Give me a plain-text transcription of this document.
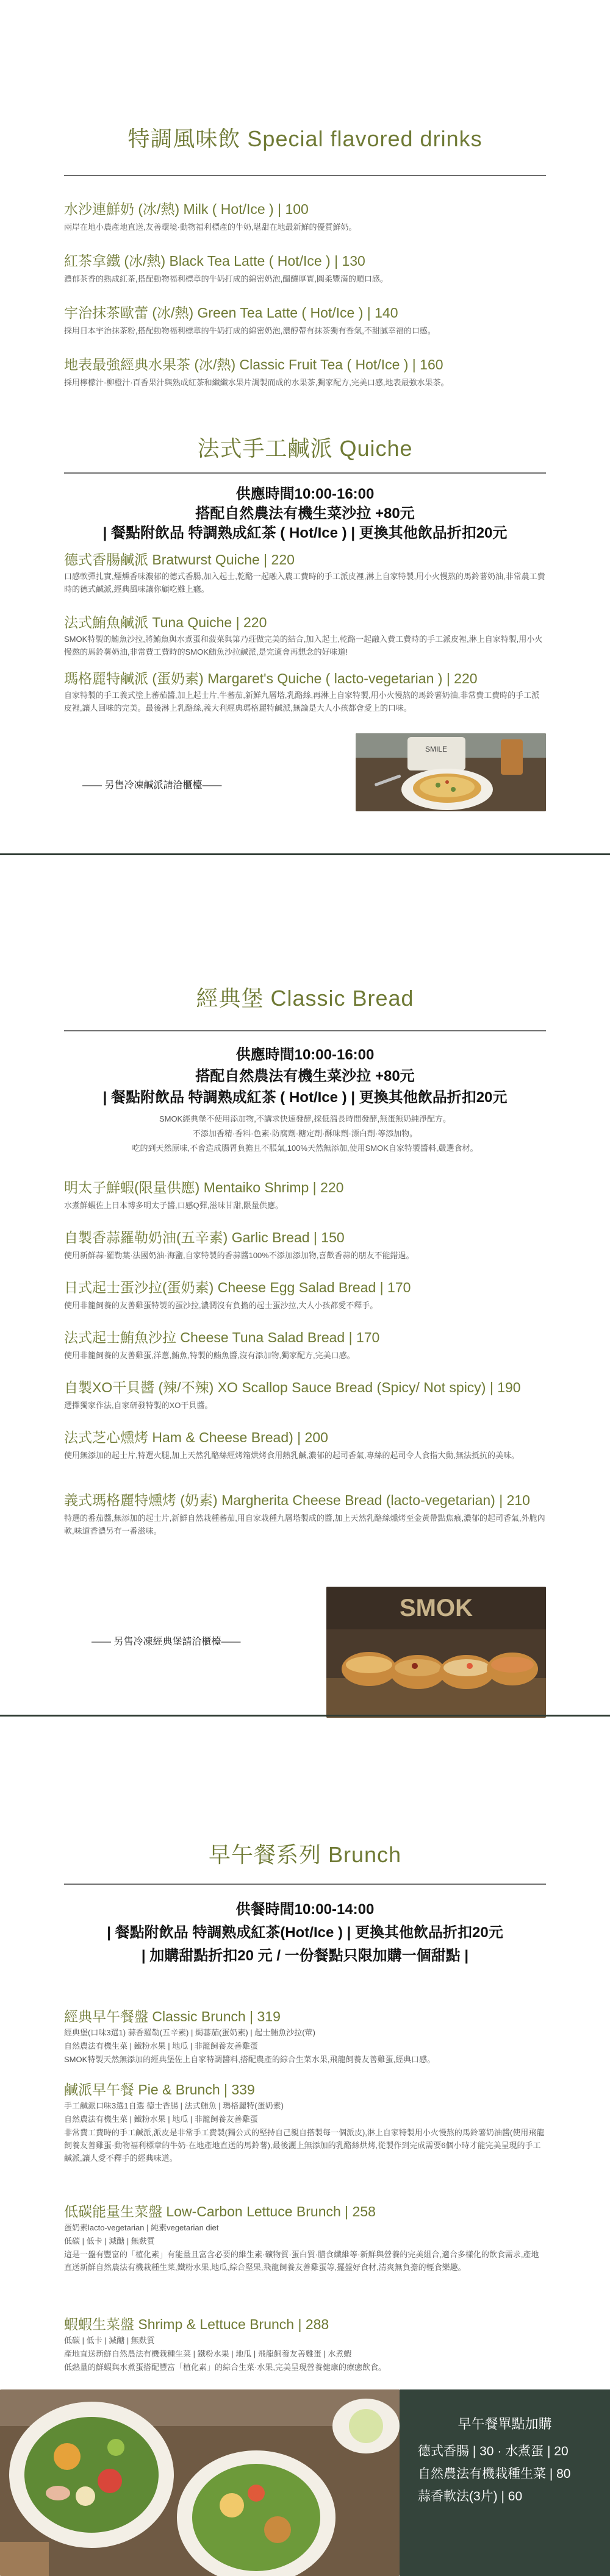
特調風味飲 Special flavored drinks
水沙連鮮奶 (冰/熱) Milk ( Hot/Ice ) | 100
兩岸在地小農產地直送,友善環境·動物福利標產的牛奶,堪甜在地最新鮮的優質鮮奶。
紅茶拿鐵 (冰/熱) Black Tea Latte ( Hot/Ice ) | 130
濃郁茶香的熟成紅茶,搭配動物福利標章的牛奶打成的綿密奶泡,醞釀厚實,圓柔豐滿的順口感。
宇治抹茶歐蕾 (冰/熱) Green Tea Latte ( Hot/Ice ) | 140
採用日本宇治抹茶粉,搭配動物福利標章的牛奶打成的綿密奶泡,濃醇帶有抹茶獨有香氣,不甜膩幸福的口感。
地表最強經典水果茶 (冰/熱) Classic Fruit Tea ( Hot/Ice ) | 160
採用檸檬汁·柳橙汁·百香果汁與熟成紅茶和纖纖水果片調製而成的水果茶,獨家配方,完美口感,地表最強水果茶。
法式手工鹹派 Quiche
供應時間10:00-16:00
搭配自然農法有機生菜沙拉 +80元
| 餐點附飲品 特調熟成紅茶 ( Hot/Ice ) | 更換其他飲品折扣20元
德式香腸鹹派 Bratwurst Quiche | 220
口感軟彈扎實,煙燻香味濃郁的德式香腸,加入起士,乾酪一起融入農工費時的手工派皮裡,淋上自家特製,用小火慢熬的馬鈴薯奶油,非常農工費時的德式鹹派,經典風味讓你顧吃難上癮。
法式鮪魚鹹派 Tuna Quiche | 220
SMOK特製的鮪魚沙拉,將鮪魚與水煮蛋和菠菜與第乃莊做完美的結合,加入起士,乾酪一起融入費工費時的手工派皮裡,淋上自家特製,用小火慢熬的馬鈴薯奶油,非常費工費時的SMOK鮪魚沙拉鹹派,是完適會再想念的好味道!
瑪格麗特鹹派 (蛋奶素) Margaret's Quiche ( lacto-vegetarian ) | 220
自家特製的手工義式塗上蕃茄醬,加上起士片,牛蕃茄,新鮮九層塔,乳酪絲,再淋上自家特製,用小火慢熬的馬鈴薯奶油,非常費工費時的手工派皮裡,讓人回味的完美。最後淋上乳酪絲,義大利經典瑪格麗特鹹派,無論是大人小孩都會愛上的口味。
—— 另售冷凍鹹派請洽櫃檯——
SMILE
經典堡 Classic Bread
供應時間10:00-16:00
搭配自然農法有機生菜沙拉 +80元
| 餐點附飲品 特調熟成紅茶 ( Hot/Ice ) | 更換其他飲品折扣20元
SMOK經典堡不使用添加物,不講求快速發酵,採低溫長時間發酵,無蛋無奶純淨配方。
不添加香精·香料·色素·防腐劑·糖定劑·酥味劑·漂白劑·等添加物。
吃的到天然原味,不會造成腸胃負擔且不脹氣,100%天然無添加,使用SMOK自家特製醬料,嚴選食材。
明太子鮮蝦(限量供應) Mentaiko Shrimp | 220
水煮鮮蝦佐上日本博多明太子醬,口感Q彈,滋味甘甜,限量供應。
自製香蒜羅勒奶油(五辛素) Garlic Bread | 150
使用新鮮蒜·羅勒葉·法國奶油·海鹽,自家特製的香蒜醬100%不添加添加物,喜歡香蒜的朋友不能錯過。
日式起士蛋沙拉(蛋奶素) Cheese Egg Salad Bread | 170
使用非籠飼養的友善雞蛋特製的蛋沙拉,濃潤沒有負擔的起士蛋沙拉,大人小孩都愛不釋手。
法式起士鮪魚沙拉 Cheese Tuna Salad Bread | 170
使用非籠飼養的友善雞蛋,洋蔥,鮪魚,特製的鮪魚醬,沒有添加物,獨家配方,完美口感。
自製XO干貝醬 (辣/不辣) XO Scallop Sauce Bread (Spicy/ Not spicy) | 190
選擇獨家作法,自家研發特製的XO干貝醬。
法式芝心燻烤 Ham & Cheese Bread) | 200
使用無添加的起士片,特選火腿,加上天然乳酪絲經烤箱烘烤食用熱乳鹹,濃郁的起司香氣,專絲的起司令人食指大動,無法抵抗的美味。
義式瑪格麗特燻烤 (奶素) Margherita Cheese Bread (lacto-vegetarian) | 210
特選的番茄醬,無添加的起士片,新鮮自然栽種蕃茄,用自家栽種九層塔製成的醬,加上天然乳酪絲燻烤至金黃帶點焦痕,濃郁的起司香氣,外脆內軟,味道香濃另有一番滋味。
—— 另售冷凍經典堡請洽櫃檯——
SMOK
早午餐系列 Brunch
供餐時間10:00-14:00
| 餐點附飲品 特調熟成紅茶(Hot/Ice ) | 更換其他飲品折扣20元
| 加購甜點折扣20 元 / 一份餐點只限加購一個甜點 |
經典早午餐盤 Classic Brunch | 319
經典堡(口味3選1) 蒜香羅勒(五辛素) | 焗蕃茄(蛋奶素) | 起士鮪魚沙拉(葷)
自然農法有機生菜 | 鐵粉水果 | 地瓜 | 非籠飼養友善雞蛋
SMOK特製天然無添加的經典堡佐上自家特調醬料,搭配農產的綜合生菜水果,飛龍飼養友善雞蛋,經典口感。
鹹派早午餐 Pie & Brunch | 339
手工鹹派口味3選1自選 德士香腸 | 法式鮪魚 | 瑪格麗特(蛋奶素)
自然農法有機生菜 | 鐵粉水果 | 地瓜 | 非籠飼養友善雞蛋
非常費工費時的手工鹹派,派皮是非常手工費製(獨公式的堅持自己親自搭製每一個派皮),淋上自家特製用小火慢熬的馬鈴薯奶油醬(使用飛龍飼養友善雞蛋·動物福利標章的牛奶·在地產地直送的馬鈴薯),最後灑上無添加的乳酪絲烘烤,從製作到完成需要6個小時才能完美呈現的手工鹹派,讓人愛不釋手的經典味道。
低碳能量生菜盤 Low-Carbon Lettuce Brunch | 258
蛋奶素lacto-vegetarian | 純素vegetarian diet
低碳 | 低卡 | 減醣 | 無麩質
這是一盤有豐富的「植化素」有能量且富含必要的維生素·礦物質·蛋白質·膳食纖維等·新鮮與營養的完美組合,適合多樣化的飲食需求,產地直送新鮮自然農法有機栽種生菜,鐵粉水果,地瓜,綜合堅果,飛龍飼養友善雞蛋等,擺盤好食材,清爽無負擔的輕食樂趣。
蝦蝦生菜盤 Shrimp & Lettuce Brunch | 288
低碳 | 低卡 | 減醣 | 無麩質
產地直送新鮮自然農法有機栽種生菜 | 鐵粉水果 | 地瓜 | 飛龍飼養友善雞蛋 | 水煮蝦
低熱量的鮮蝦與水煮蛋搭配豐富「植化素」的綜合生菜·水果,完美呈現營養健康的療癒飲食。
早午餐單點加購
德式香腸 | 30 · 水煮蛋 | 20
自然農法有機栽種生菜 | 80
蒜香軟法(3片) | 60
